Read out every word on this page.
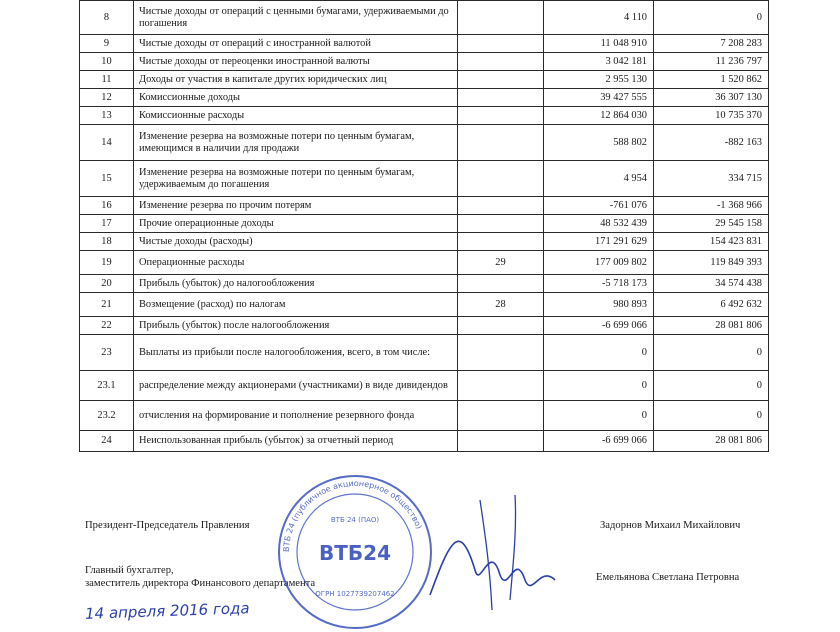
8	Чистые доходы от операций с ценными бумагами, удерживаемыми до погашения		4 110	0
9	Чистые доходы от операций с иностранной валютой		11 048 910	7 208 283
10	Чистые доходы от переоценки иностранной валюты		3 042 181	11 236 797
11	Доходы от участия в капитале других юридических лиц		2 955 130	1 520 862
12	Комиссионные доходы		39 427 555	36 307 130
13	Комиссионные расходы		12 864 030	10 735 370
14	Изменение резерва на возможные потери по ценным бумагам, имеющимся в наличии для продажи		588 802	-882 163
15	Изменение резерва на возможные потери по ценным бумагам, удерживаемым до погашения		4 954	334 715
16	Изменение резерва по прочим потерям		-761 076	-1 368 966
17	Прочие операционные доходы		48 532 439	29 545 158
18	Чистые доходы (расходы)		171 291 629	154 423 831
19	Операционные расходы	29	177 009 802	119 849 393
20	Прибыль (убыток) до налогообложения		-5 718 173	34 574 438
21	Возмещение (расход) по налогам	28	980 893	6 492 632
22	Прибыль (убыток) после налогообложения		-6 699 066	28 081 806
23	Выплаты из прибыли после налогообложения, всего, в том числе:		0	0
23.1	распределение между акционерами (участниками) в виде дивидендов		0	0
23.2	отчисления на формирование и пополнение резервного фонда		0	0
24	Неиспользованная прибыль (убыток) за отчетный период		-6 699 066	28 081 806
Президент-Председатель Правления	Задорнов Михаил Михайлович
Главный бухгалтер,
заместитель директора Финансового департамента
Емельянова Светлана Петровна
14 апреля 2016 года
ВТБ 24 (публичное акционерное общество)
ВТБ 24 (ПАО)
ВТБ24
ОГРН 1027739207462
